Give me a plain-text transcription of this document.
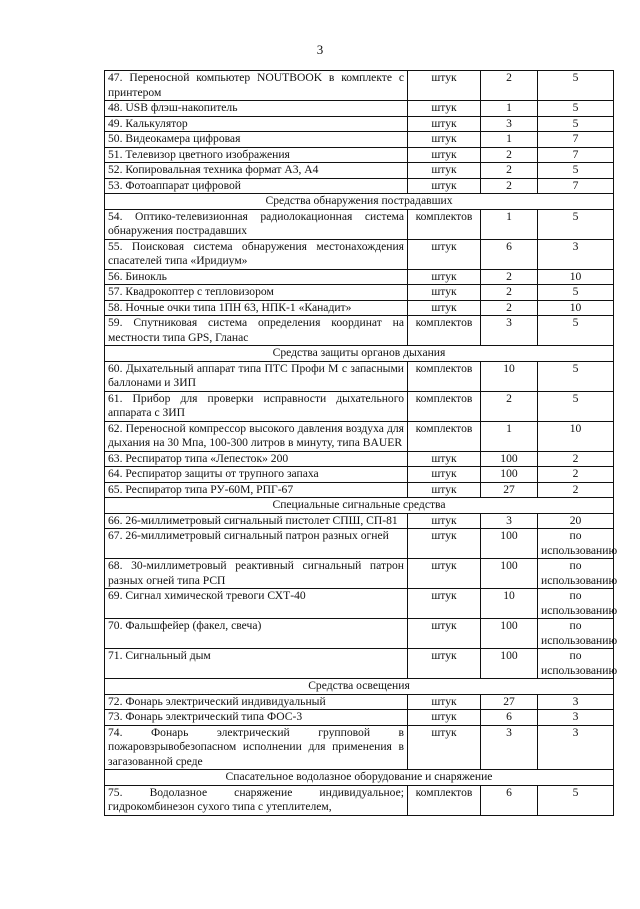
3
47. Переносной компьютер NOUTBOOK в комплекте с принтером	штук	2	5
48. USB флэш-накопитель	штук	1	5
49. Калькулятор	штук	3	5
50. Видеокамера цифровая	штук	1	7
51. Телевизор цветного изображения	штук	2	7
52. Копировальная техника формат А3, А4	штук	2	5
53. Фотоаппарат цифровой	штук	2	7
Средства обнаружения пострадавших			
54. Оптико-телевизионная радиолокационная система обнаружения пострадавших	комплектов	1	5
55. Поисковая система обнаружения местонахождения спасателей типа «Иридиум»	штук	6	3
56. Бинокль	штук	2	10
57. Квадрокоптер с тепловизором	штук	2	5
58. Ночные очки типа 1ПН 63, НПК-1 «Канадит»	штук	2	10
59. Спутниковая система определения координат на местности типа GPS, Гланас	комплектов	3	5
Средства защиты органов дыхания			
60. Дыхательный аппарат типа ПТС Профи М с запасными баллонами и ЗИП	комплектов	10	5
61. Прибор для проверки исправности дыхательного аппарата с ЗИП	комплектов	2	5
62. Переносной компрессор высокого давления воздуха для дыхания на 30 Мпа, 100-300 литров в минуту, типа BAUER	комплектов	1	10
63. Респиратор типа «Лепесток» 200	штук	100	2
64. Респиратор защиты от трупного запаха	штук	100	2
65. Респиратор типа РУ-60М, РПГ-67	штук	27	2
Специальные сигнальные средства			
66. 26-миллиметровый сигнальный пистолет СПШ, СП-81	штук	3	20
67. 26-миллиметровый сигнальный патрон разных огней	штук	100	по использованию
68. 30-миллиметровый реактивный сигнальный патрон разных огней типа РСП	штук	100	по использованию
69. Сигнал химической тревоги СХТ-40	штук	10	по использованию
70. Фальшфейер (факел, свеча)	штук	100	по использованию
71. Сигнальный дым	штук	100	по использованию
Средства освещения			
72. Фонарь электрический индивидуальный	штук	27	3
73. Фонарь электрический типа ФОС-3	штук	6	3
74. Фонарь электрический групповой в пожаровзрывобезопасном исполнении для применения в загазованной среде	штук	3	3
Спасательное водолазное оборудование и снаряжение			
75. Водолазное снаряжение индивидуальное; гидрокомбинезон сухого типа с утеплителем,	комплектов	6	5
